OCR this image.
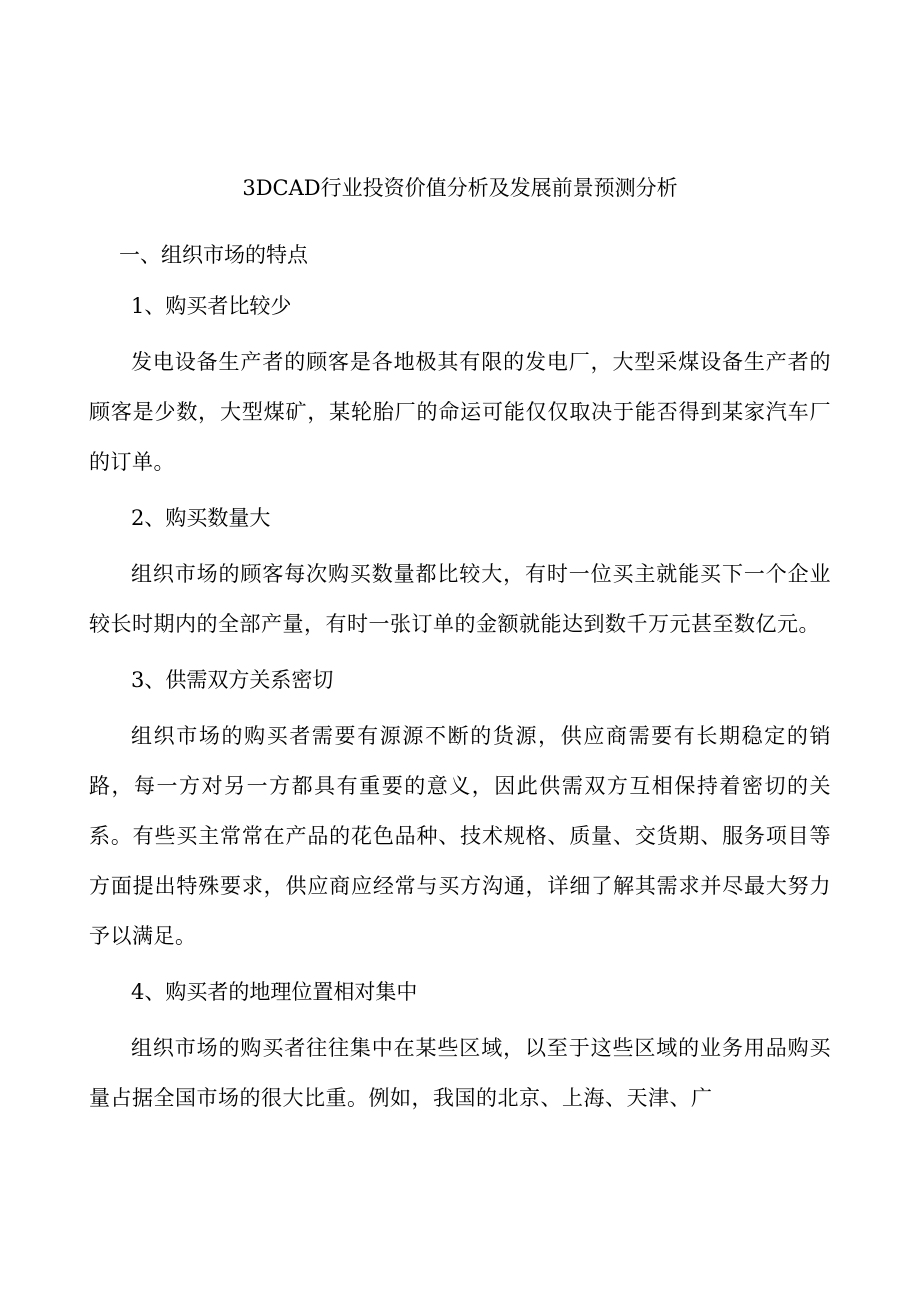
3DCAD行业投资价值分析及发展前景预测分析
一、组织市场的特点
1、购买者比较少

发电设备生产者的顾客是各地极其有限的发电厂，大型采煤设备生产者的顾客是少数，大型煤矿，某轮胎厂的命运可能仅仅取决于能否得到某家汽车厂的订单。

2、购买数量大

组织市场的顾客每次购买数量都比较大，有时一位买主就能买下一个企业较长时期内的全部产量，有时一张订单的金额就能达到数千万元甚至数亿元。

3、供需双方关系密切

组织市场的购买者需要有源源不断的货源，供应商需要有长期稳定的销路，每一方对另一方都具有重要的意义，因此供需双方互相保持着密切的关系。有些买主常常在产品的花色品种、技术规格、质量、交货期、服务项目等方面提出特殊要求，供应商应经常与买方沟通，详细了解其需求并尽最大努力予以满足。

4、购买者的地理位置相对集中

组织市场的购买者往往集中在某些区域，以至于这些区域的业务用品购买量占据全国市场的很大比重。例如，我国的北京、上海、天津、广
